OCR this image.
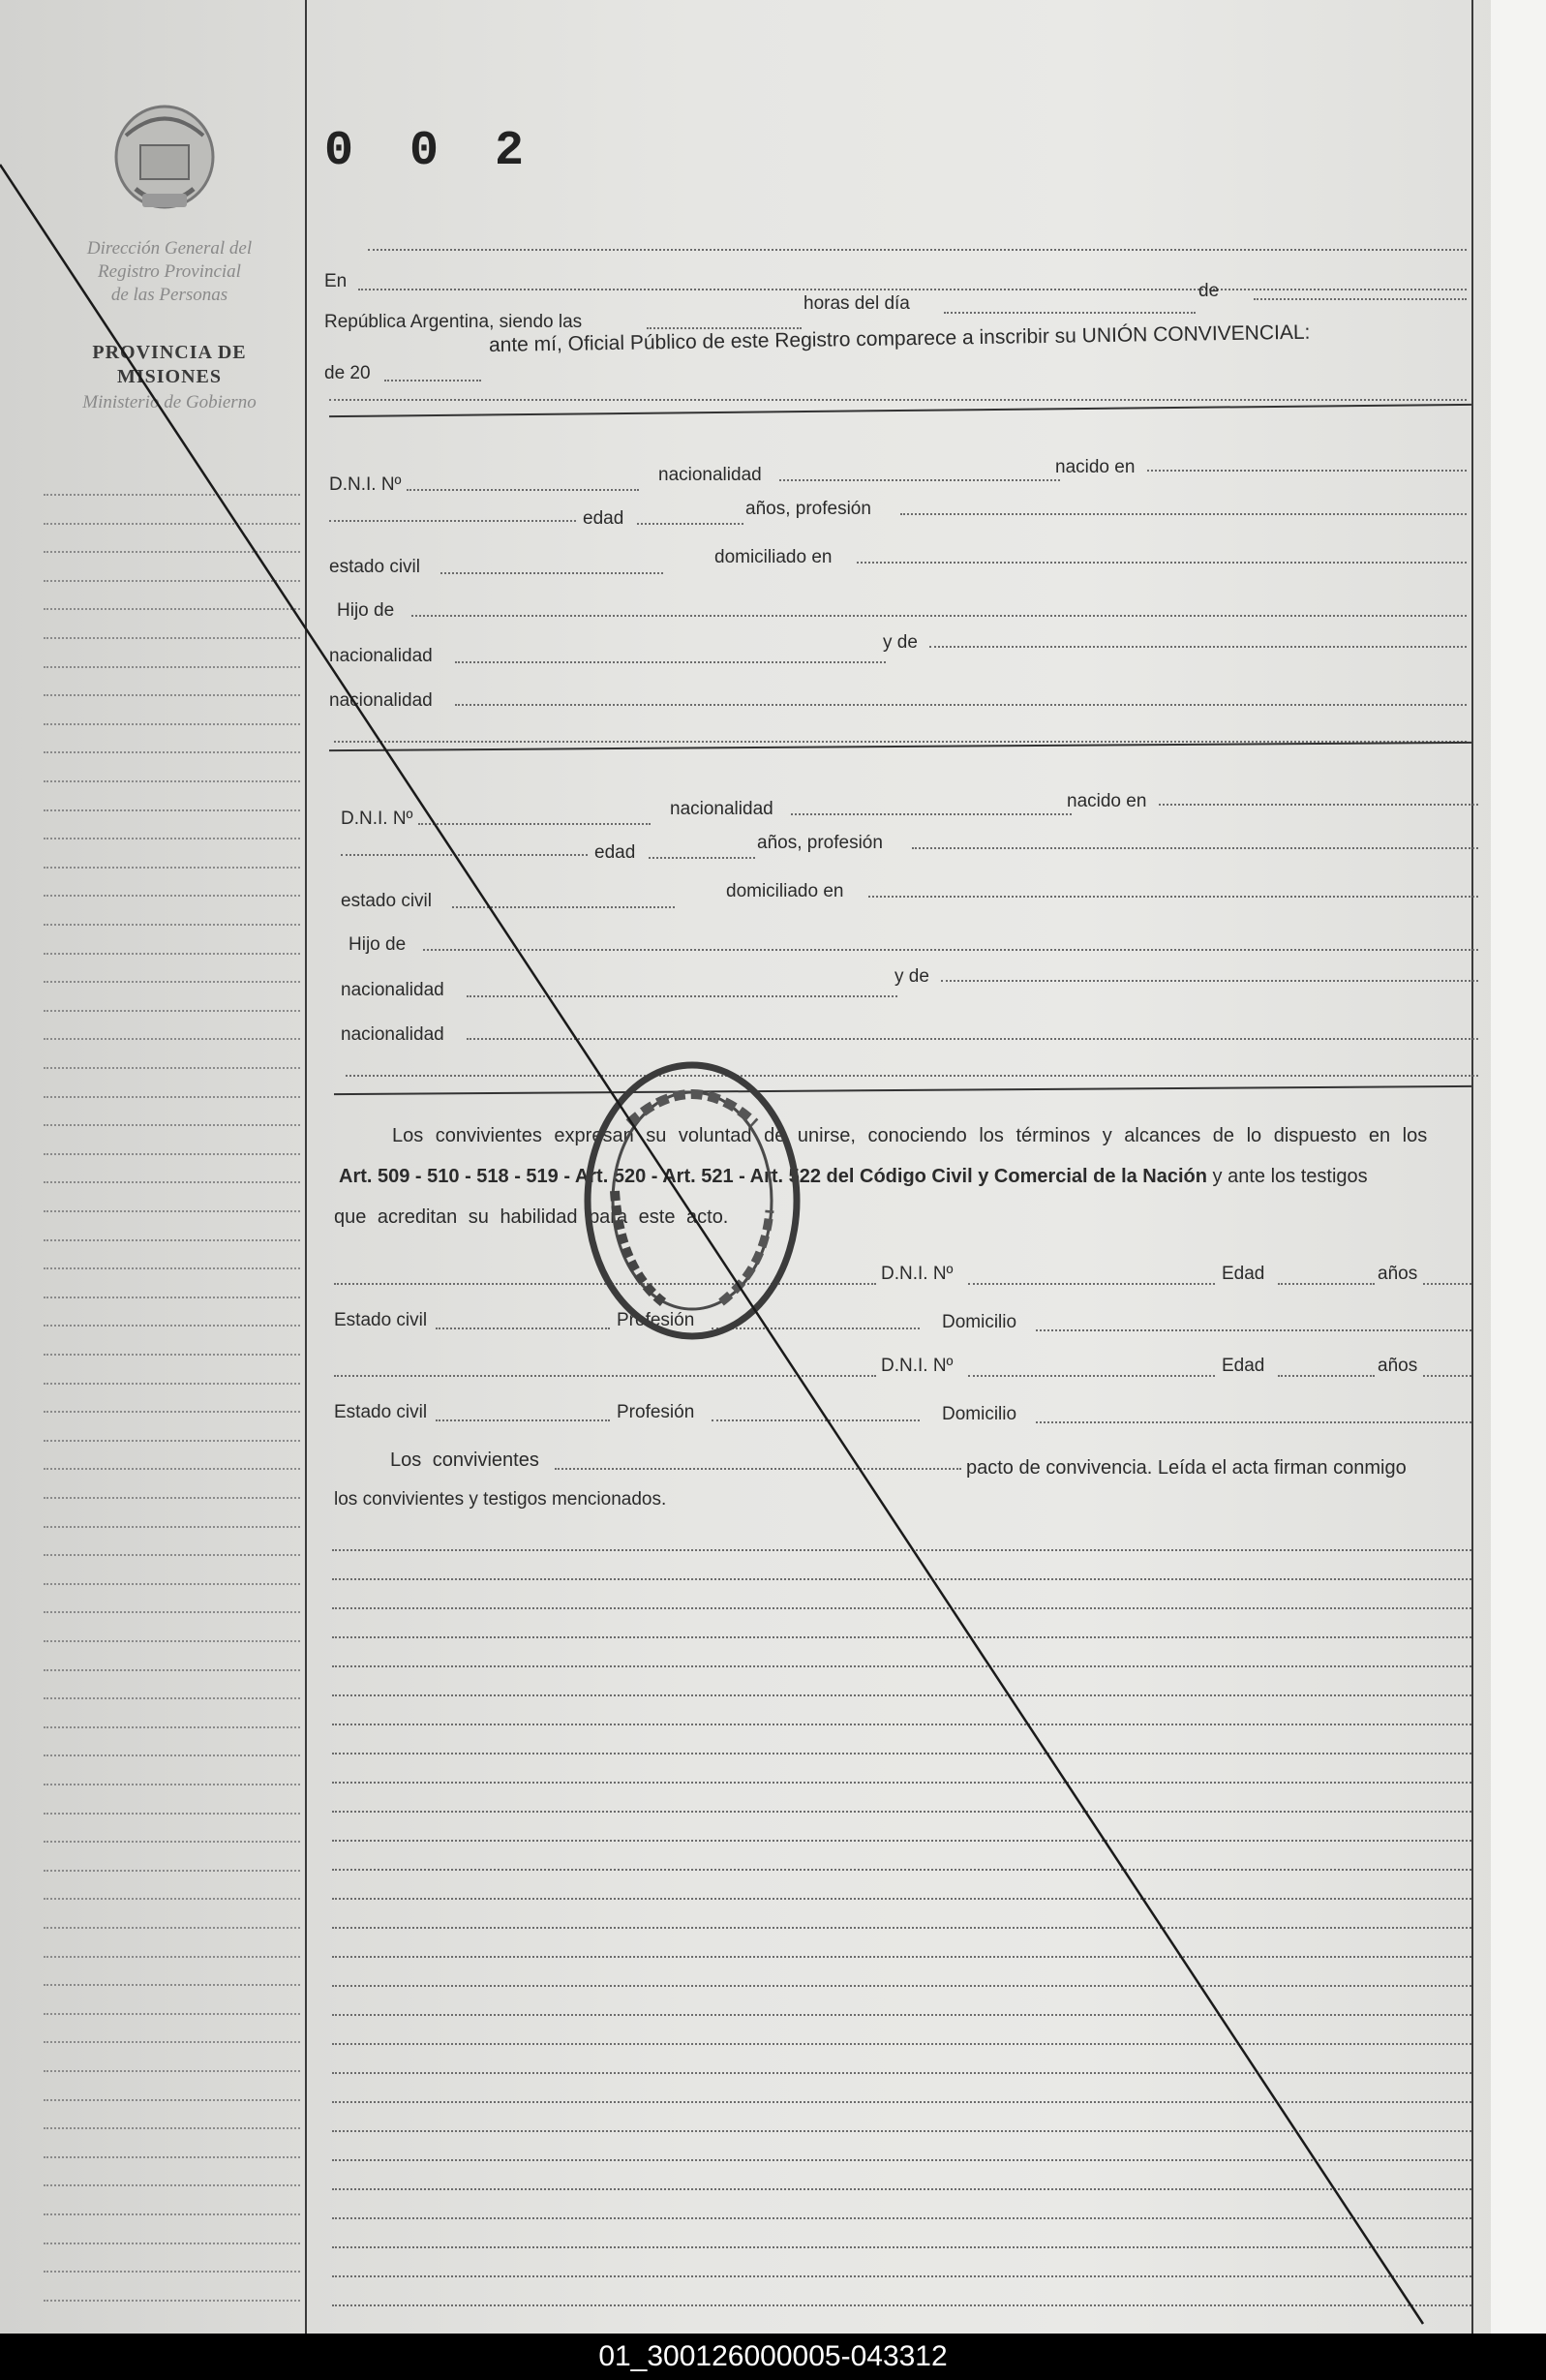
Dirección General del
Registro Provincial
de las Personas
PROVINCIA DE
MISIONES
Ministerio de Gobierno
0 0 2
En
República Argentina, siendo las
horas del día
de
de 20
ante mí, Oficial Público de este Registro comparece a inscribir su UNIÓN CONVIVENCIAL:
D.N.I. Nº	nacionalidad	nacido en
edad	años, profesión
estado civil	domiciliado en
Hijo de
nacionalidad
y de
nacionalidad
D.N.I. Nº	nacionalidad	nacido en
edad	años, profesión
estado civil	domiciliado en
Hijo de
nacionalidad
y de
nacionalidad
Los convivientes expresan su voluntad de unirse, conociendo los términos y alcances de lo dispuesto en los
Art. 509 - 510 - 518 - 519 - Art. 520 - Art. 521 - Art. 522 del Código Civil y Comercial de la Nación y ante los testigos
que acreditan su habilidad para este acto.
D.N.I. Nº	Edad	años
Estado civil	Profesión	Domicilio
D.N.I. Nº	Edad	años
Estado civil	Profesión	Domicilio
Los convivientes	pacto de convivencia. Leída el acta firman conmigo
los convivientes y testigos mencionados.
01_300126000005-043312
